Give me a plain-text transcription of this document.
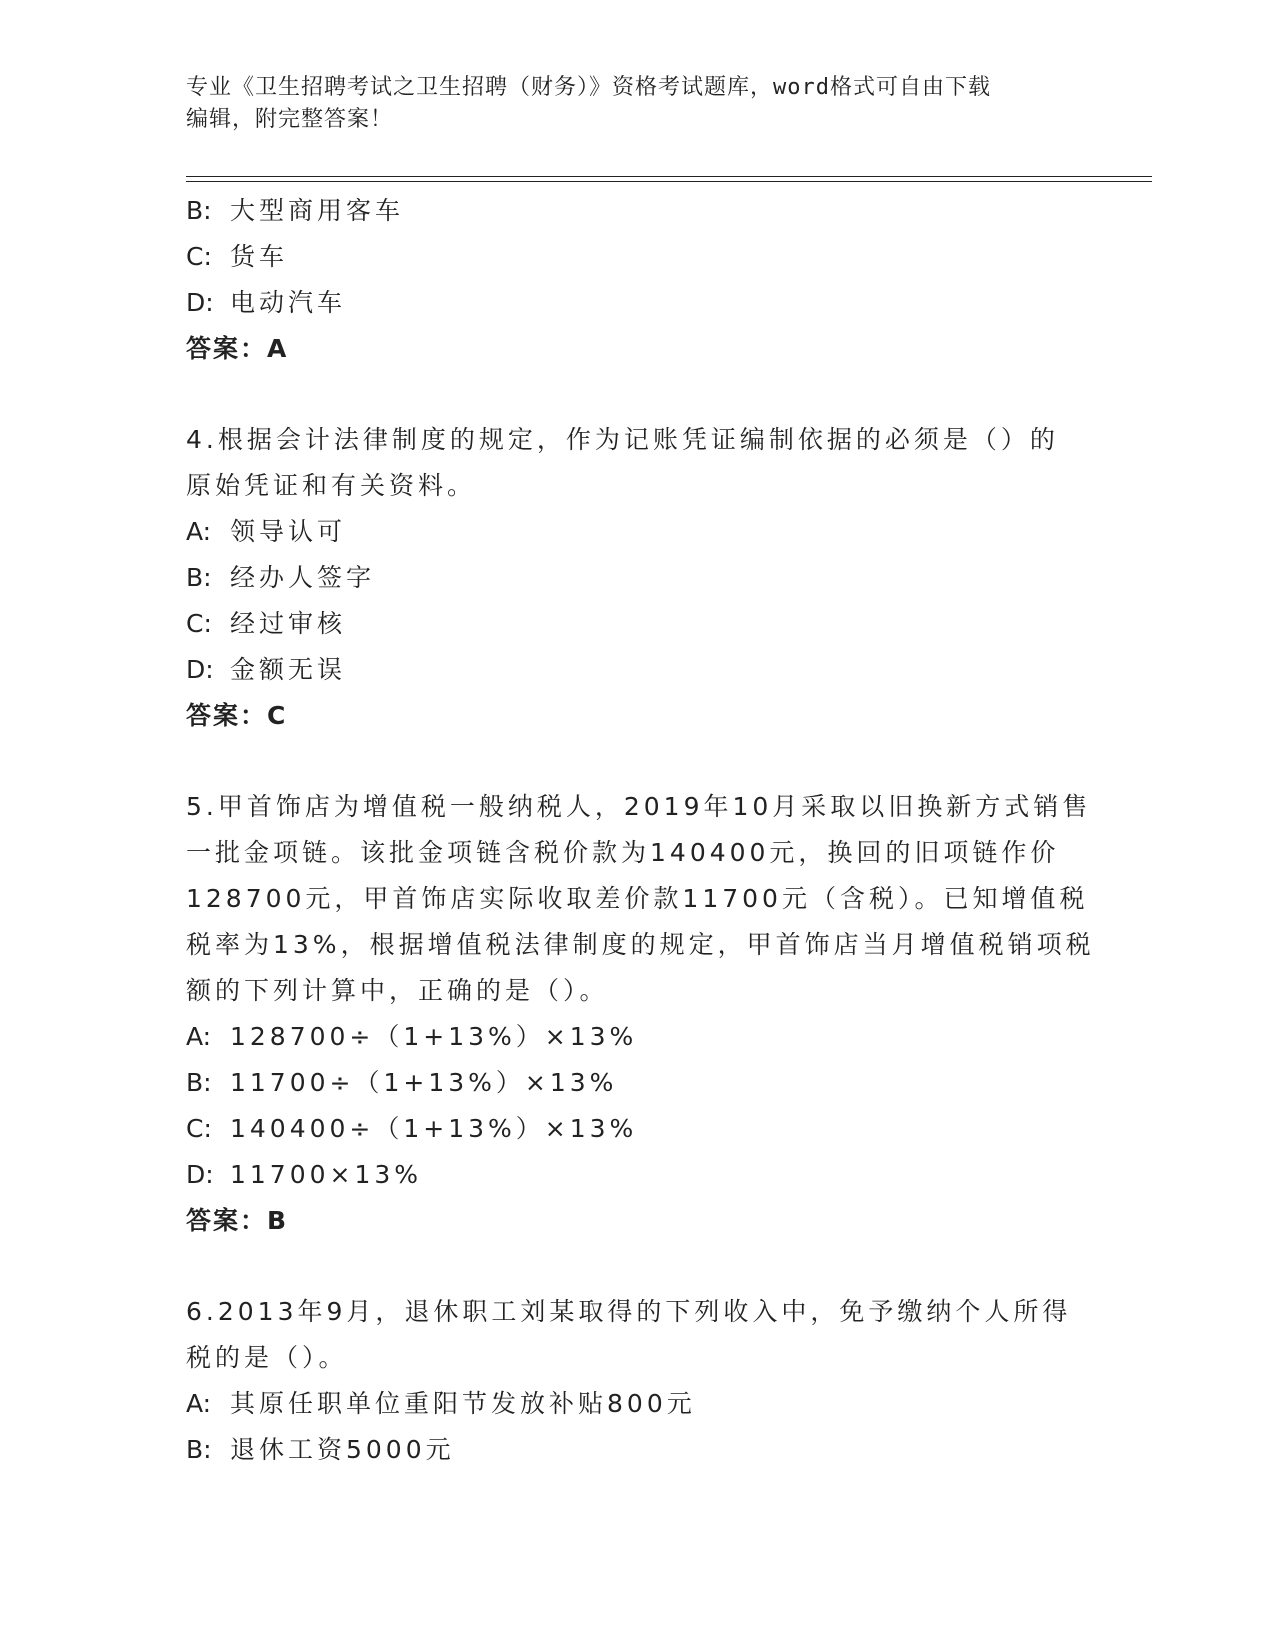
专业《卫生招聘考试之卫生招聘（财务）》资格考试题库，word格式可自由下载
编辑，附完整答案！
B: 大型商用客车
C: 货车
D: 电动汽车
答案：A
4.根据会计法律制度的规定，作为记账凭证编制依据的必须是（）的
原始凭证和有关资料。
A: 领导认可
B: 经办人签字
C: 经过审核
D: 金额无误
答案：C
5.甲首饰店为增值税一般纳税人，2019年10月采取以旧换新方式销售
一批金项链。该批金项链含税价款为140400元，换回的旧项链作价
128700元，甲首饰店实际收取差价款11700元（含税）。已知增值税
税率为13%，根据增值税法律制度的规定，甲首饰店当月增值税销项税
额的下列计算中，正确的是（）。
A: 128700÷（1+13%）×13%
B: 11700÷（1+13%）×13%
C: 140400÷（1+13%）×13%
D: 11700×13%
答案：B
6.2013年9月，退休职工刘某取得的下列收入中，免予缴纳个人所得
税的是（）。
A: 其原任职单位重阳节发放补贴800元
B: 退休工资5000元
